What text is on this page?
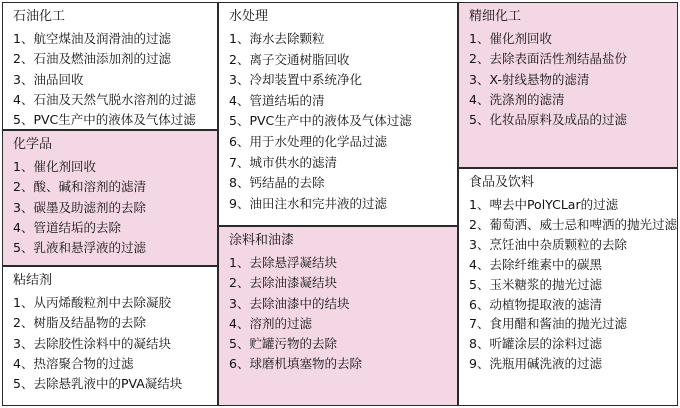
石油化工
1、航空煤油及润滑油的过滤
2、石油及燃油添加剂的过滤
3、油品回收
4、石油及天然气脱水溶剂的过滤
5、PVC生产中的液体及气体过滤
化学品
1、催化剂回收
2、酸、碱和溶剂的滤清
3、碳墨及助滤剂的去除
4、管道结垢的去除
5、乳液和悬浮液的过滤
粘结剂
1、从丙烯酸粒剂中去除凝胶
2、树脂及结晶物的去除
3、去除胶性涂料中的凝结块
4、热溶聚合物的过滤
5、去除悬乳液中的PVA凝结块
水处理
1、海水去除颗粒
2、离子交通树脂回收
3、冷却装置中系统净化
4、管道结垢的清
5、PVC生产中的液体及气体过滤
6、用于水处理的化学品过滤
7、城市供水的滤清
8、钙结晶的去除
9、油田注水和完井液的过滤
涂料和油漆
1、去除悬浮凝结块
2、去除油漆凝结块
3、去除油漆中的结块
4、溶剂的过滤
5、贮罐污物的去除
6、球磨机填塞物的去除
精细化工
1、催化剂回收
2、去除表面活性剂结晶盐份
3、X-射线悬物的滤清
4、洗涤剂的滤清
5、化妆品原料及成品的过滤
食品及饮料
1、啤去中PolYCLar的过滤
2、葡萄洒、威士忌和啤洒的抛光过滤
3、烹饪油中杂质颗粒的去除
4、去除纤维素中的碳黑
5、玉米糖浆的抛光过滤
6、动植物提取液的滤清
7、食用醋和酱油的抛光过滤
8、听罐涂层的涂料过滤
9、洗瓶用碱洗液的过滤
